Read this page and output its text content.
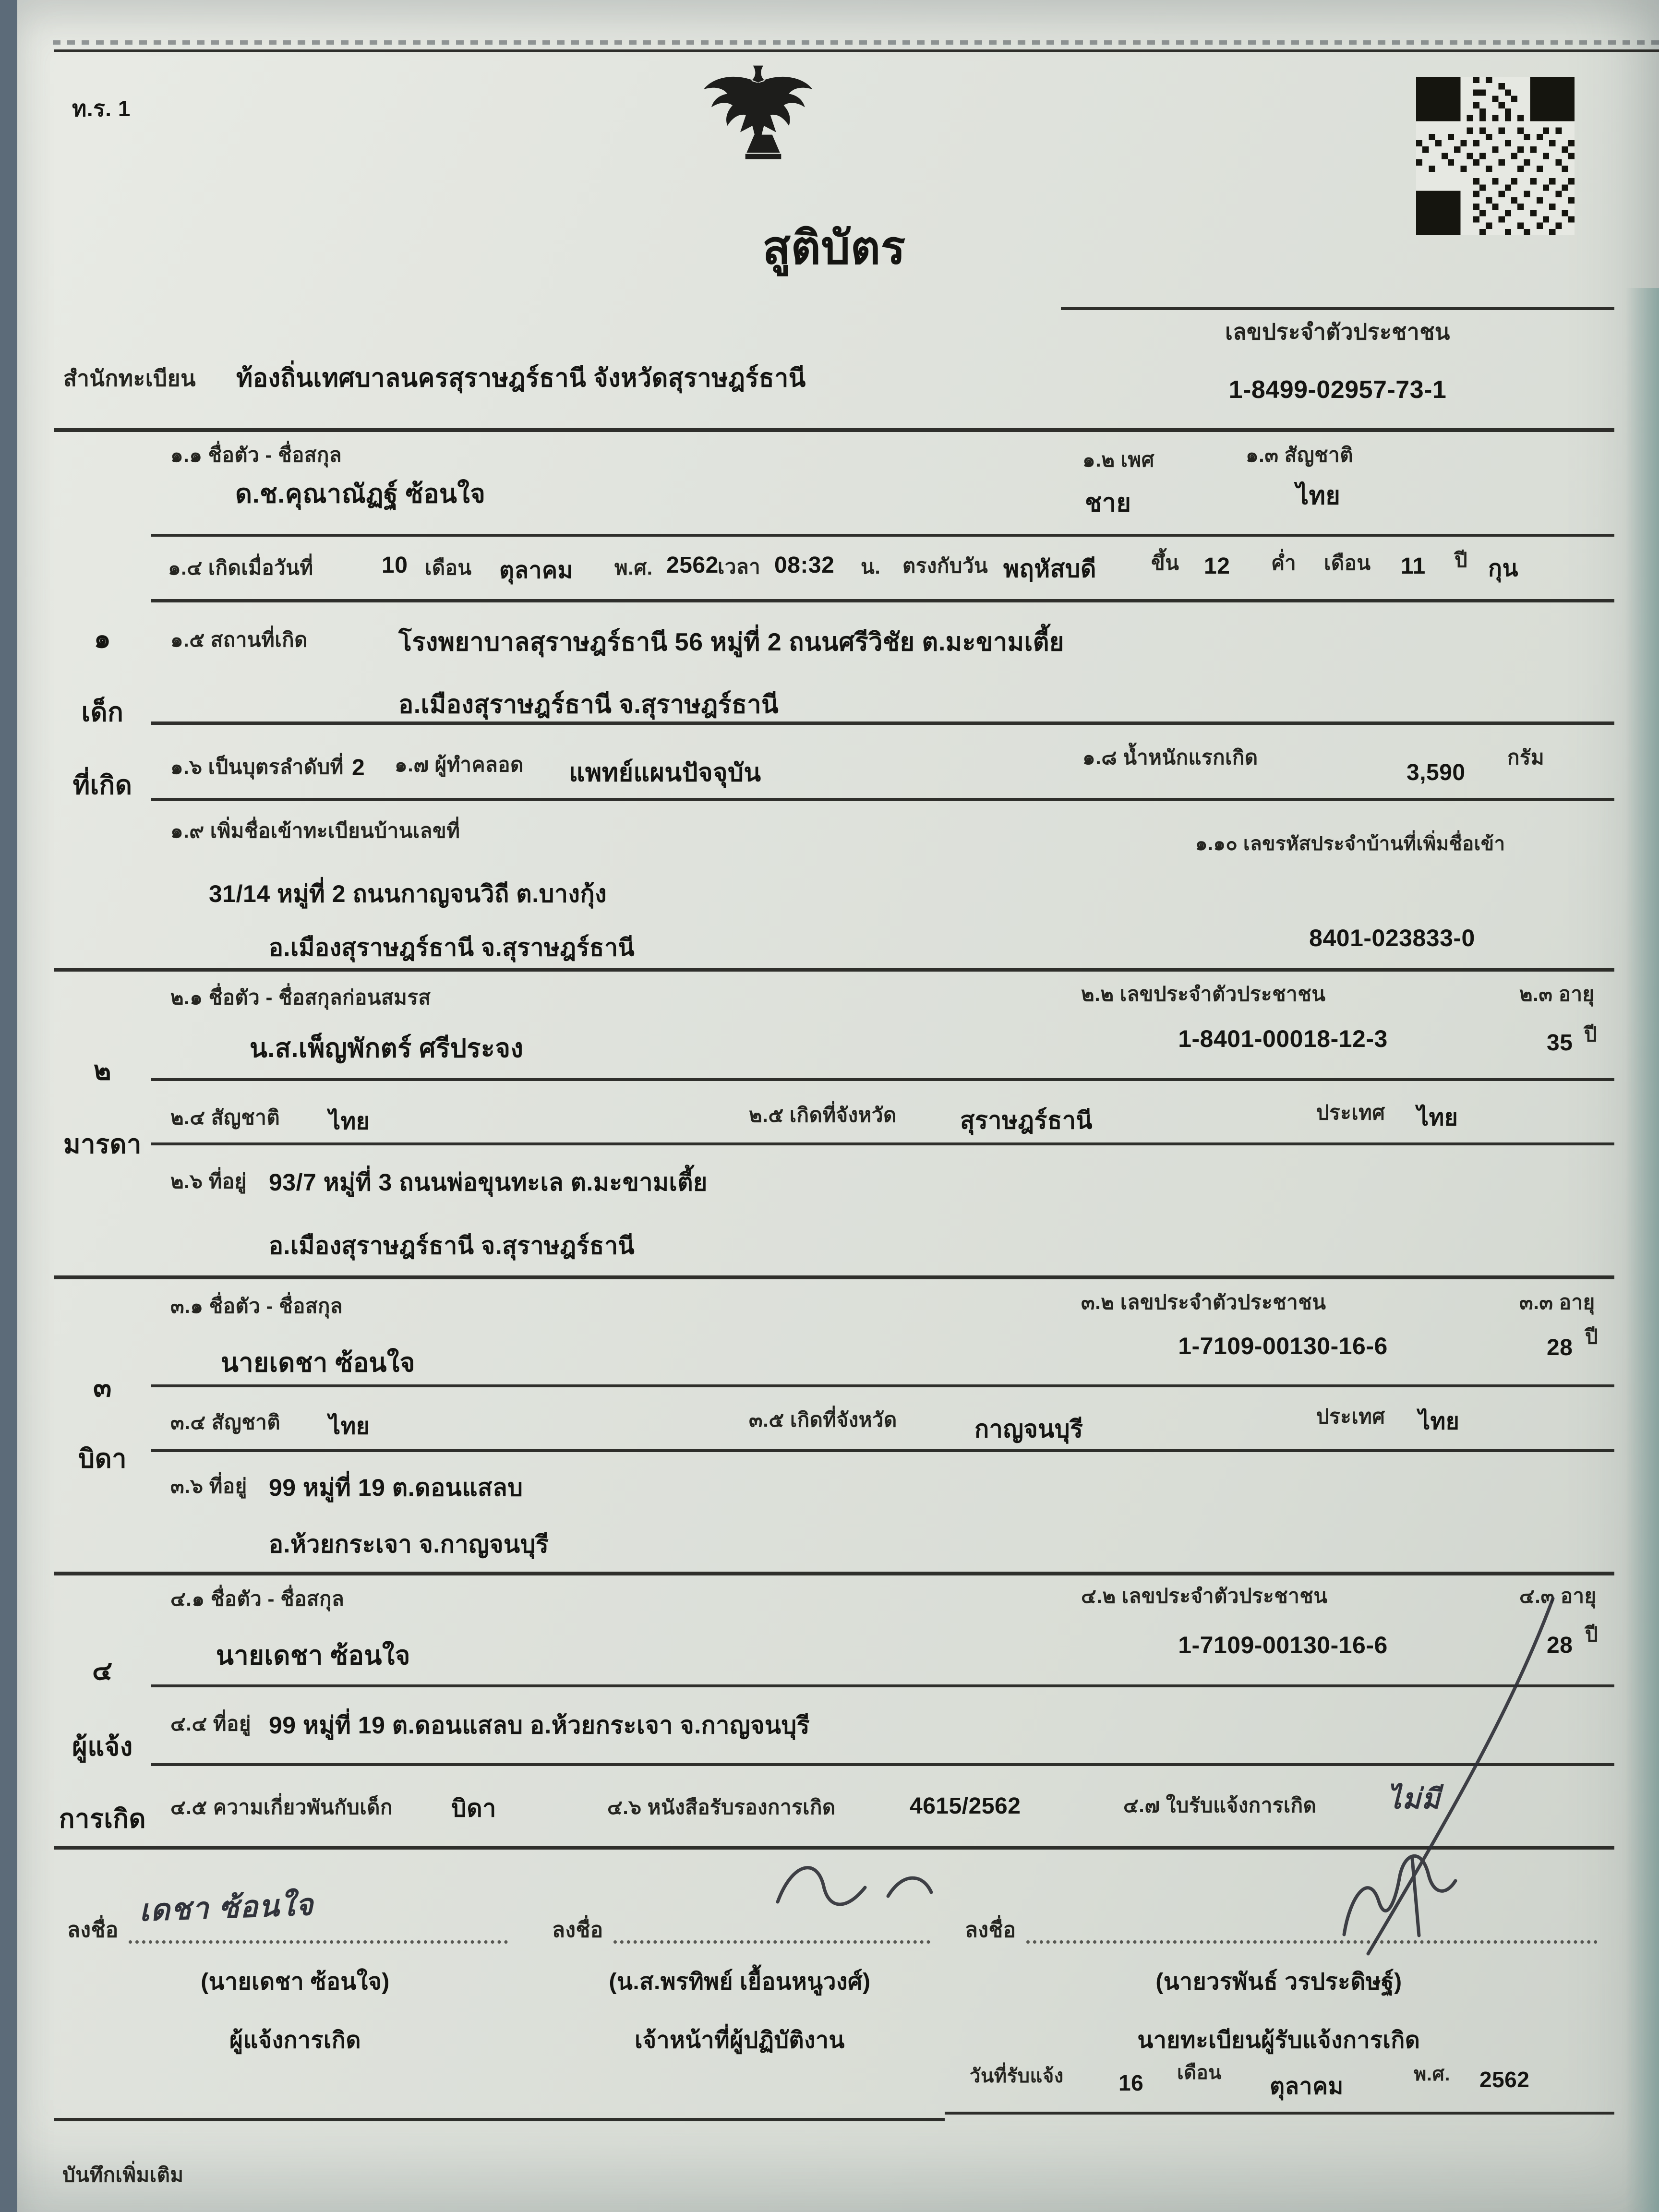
ท.ร. 1
สูติบัตร
สำนักทะเบียน ท้องถิ่นเทศบาลนครสุราษฎร์ธานี จังหวัดสุราษฎร์ธานี
เลขประจำตัวประชาชน
1-8499-02957-73-1
๑
เด็ก
ที่เกิด
๒
มารดา
๓
บิดา
๔
ผู้แจ้ง
การเกิด
๑.๑ ชื่อตัว - ชื่อสกุล
ด.ช.คุณาณัฏฐ์ ซ้อนใจ
๑.๒ เพศ
ชาย
๑.๓ สัญชาติ
ไทย
๑.๔ เกิดเมื่อวันที่	10 เดือน ตุลาคม พ.ศ. 2562
เวลา 08:32 น. ตรงกับวัน พฤหัสบดี	ขึ้น 12 ค่ำ เดือน 11 ปี กุน
๑.๕ สถานที่เกิด	โรงพยาบาลสุราษฎร์ธานี 56 หมู่ที่ 2 ถนนศรีวิชัย ต.มะขามเตี้ย
อ.เมืองสุราษฎร์ธานี จ.สุราษฎร์ธานี
๑.๖ เป็นบุตรลำดับที่ 2 ๑.๗ ผู้ทำคลอด แพทย์แผนปัจจุบัน
๑.๘ น้ำหนักแรกเกิด
3,590
กรัม
๑.๙ เพิ่มชื่อเข้าทะเบียนบ้านเลขที่
31/14 หมู่ที่ 2 ถนนกาญจนวิถี ต.บางกุ้ง
อ.เมืองสุราษฎร์ธานี จ.สุราษฎร์ธานี
๑.๑๐ เลขรหัสประจำบ้านที่เพิ่มชื่อเข้า
8401-023833-0
๒.๑ ชื่อตัว - ชื่อสกุลก่อนสมรส
น.ส.เพ็ญพักตร์ ศรีประจง
๒.๒ เลขประจำตัวประชาชน
1-8401-00018-12-3
๒.๓ อายุ
35 ปี
๒.๔ สัญชาติ ไทย	๒.๕ เกิดที่จังหวัด	สุราษฎร์ธานี	ประเทศ ไทย
๒.๖ ที่อยู่ 93/7 หมู่ที่ 3 ถนนพ่อขุนทะเล ต.มะขามเตี้ย
อ.เมืองสุราษฎร์ธานี จ.สุราษฎร์ธานี
๓.๑ ชื่อตัว - ชื่อสกุล
นายเดชา ซ้อนใจ
๓.๒ เลขประจำตัวประชาชน
1-7109-00130-16-6
๓.๓ อายุ
28 ปี
๓.๔ สัญชาติ ไทย	๓.๕ เกิดที่จังหวัด	กาญจนบุรี	ประเทศ ไทย
๓.๖ ที่อยู่ 99 หมู่ที่ 19 ต.ดอนแสลบ
อ.ห้วยกระเจา จ.กาญจนบุรี
๔.๑ ชื่อตัว - ชื่อสกุล
นายเดชา ซ้อนใจ
๔.๒ เลขประจำตัวประชาชน
1-7109-00130-16-6
๔.๓ อายุ
28 ปี
๔.๔ ที่อยู่ 99 หมู่ที่ 19 ต.ดอนแสลบ อ.ห้วยกระเจา จ.กาญจนบุรี
๔.๕ ความเกี่ยวพันกับเด็ก บิดา	๔.๖ หนังสือรับรองการเกิด	4615/2562	๔.๗ ใบรับแจ้งการเกิด	ไม่มี
ลงชื่อ	ลงชื่อ	ลงชื่อ
เดชา ซ้อนใจ
(นายเดชา ซ้อนใจ)
ผู้แจ้งการเกิด
(น.ส.พรทิพย์ เยื้อนหนูวงศ์)
เจ้าหน้าที่ผู้ปฏิบัติงาน
(นายวรพันธ์ วรประดิษฐ์)
นายทะเบียนผู้รับแจ้งการเกิด
วันที่รับแจ้ง 16 เดือน
ตุลาคม	พ.ศ. 2562
บันทึกเพิ่มเติม
